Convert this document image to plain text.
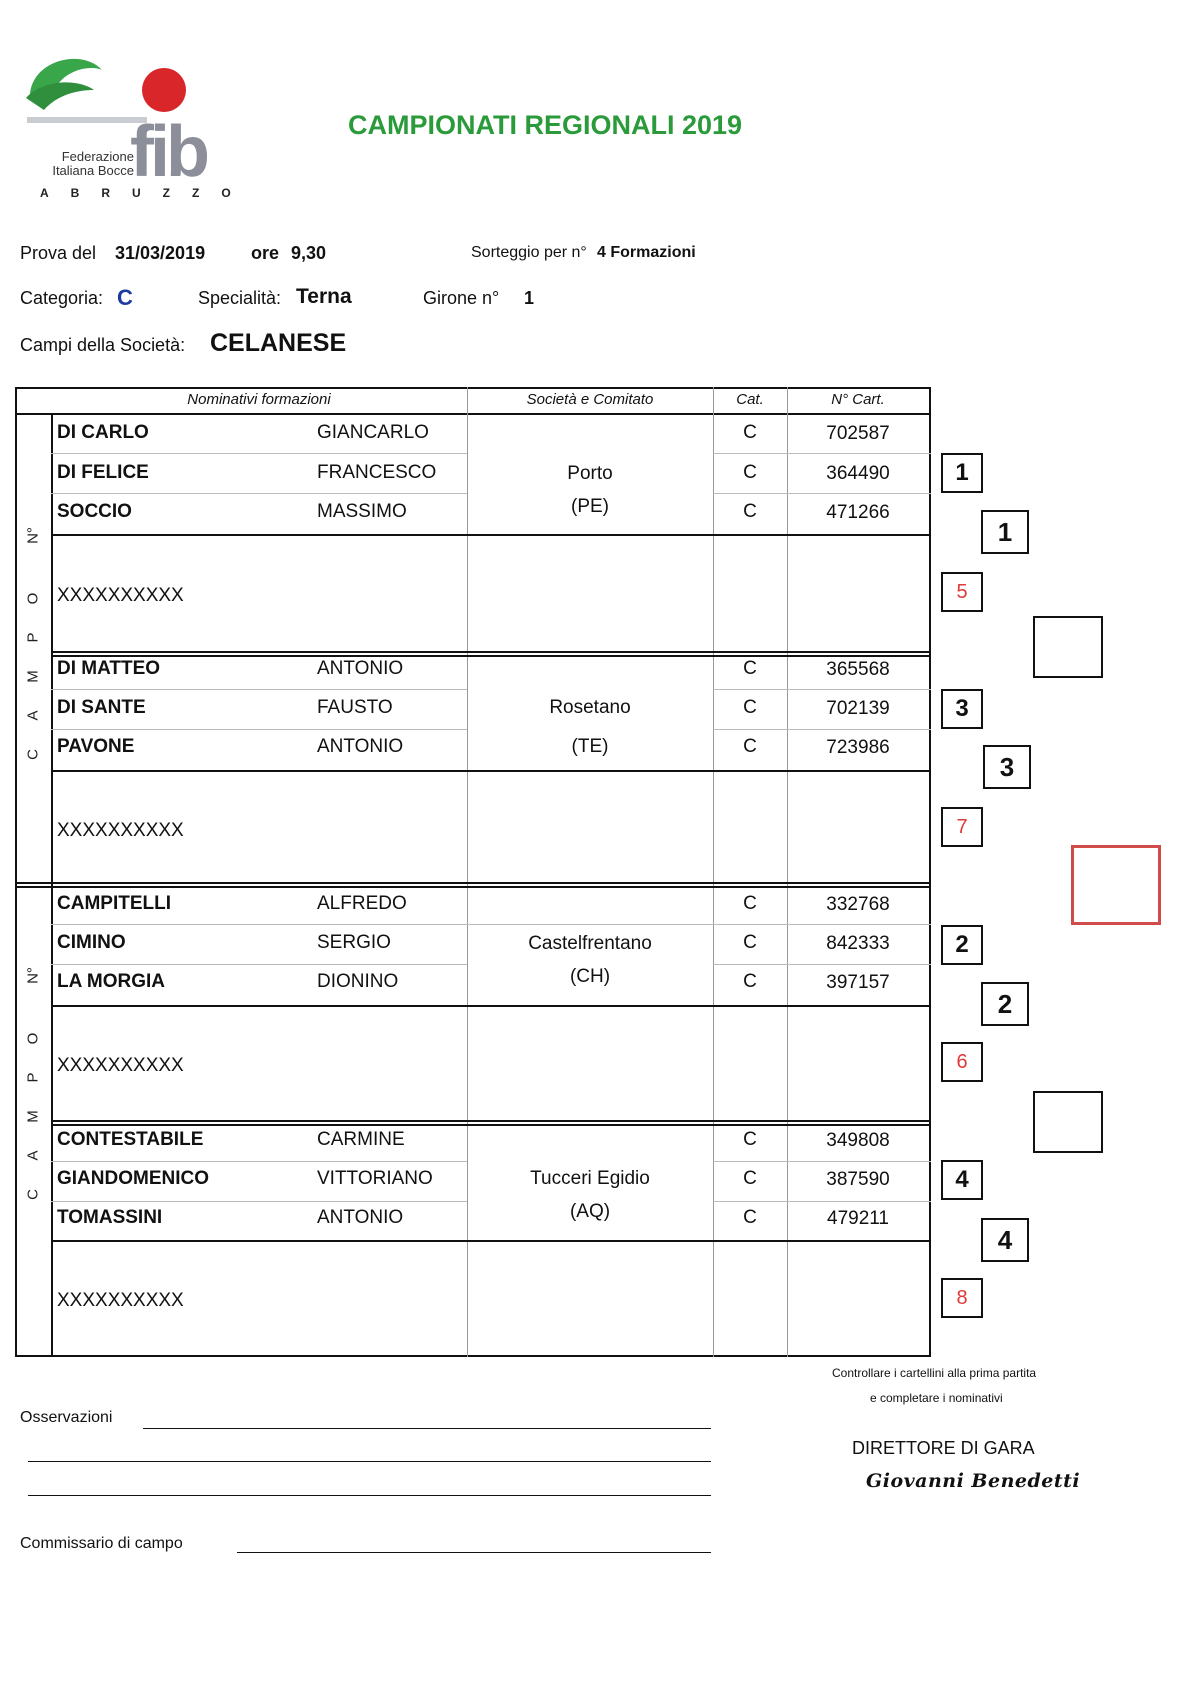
Federazione
Italiana Bocce
fib
ABRUZZO
CAMPIONATI REGIONALI 2019
Prova del 31/03/2019	ore 9,30	Sorteggio per n° 4 Formazioni
Categoria: C	Specialità: Terna	Girone n° 1
Campi della Società: CELANESE
Nominativi formazioni	Società e Comitato	Cat.	N° Cart.
N°
O
P
M
A
C
N°
O
P
M
A
C
DI CARLO	GIANCARLO	C	702587
DI FELICE	FRANCESCO	C	364490
SOCCIO	MASSIMO	C	471266
Porto
(PE)
XXXXXXXXXX
DI MATTEO	ANTONIO	C	365568
DI SANTE	FAUSTO	C	702139
PAVONE	ANTONIO	C	723986
Rosetano
(TE)
XXXXXXXXXX
CAMPITELLI	ALFREDO	C	332768
CIMINO	SERGIO	C	842333
LA MORGIA	DIONINO	C	397157
Castelfrentano
(CH)
XXXXXXXXXX
CONTESTABILE	CARMINE	C	349808
GIANDOMENICO	VITTORIANO	C	387590
TOMASSINI	ANTONIO	C	479211
Tucceri Egidio
(AQ)
XXXXXXXXXX
1
1
5
3
3
7
2
2
6
4
4
8
Controllare i cartellini alla prima partita
e completare i nominativi
Osservazioni
Commissario di campo
DIRETTORE DI GARA
Giovanni Benedetti
